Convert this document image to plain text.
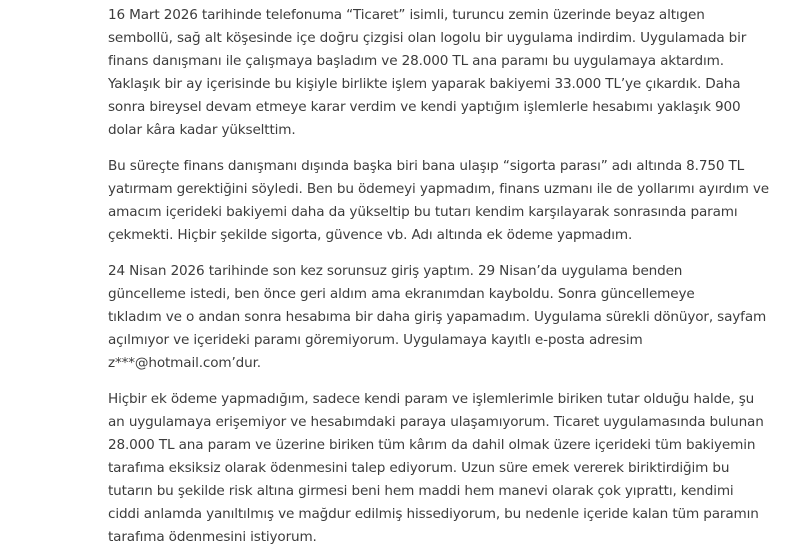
16 Mart 2026 tarihinde telefonuma “Ticaret” isimli, turuncu zemin üzerinde beyaz altıgen
sembollü, sağ alt köşesinde içe doğru çizgisi olan logolu bir uygulama indirdim. Uygulamada bir
finans danışmanı ile çalışmaya başladım ve 28.000 TL ana paramı bu uygulamaya aktardım.
Yaklaşık bir ay içerisinde bu kişiyle birlikte işlem yaparak bakiyemi 33.000 TL’ye çıkardık. Daha
sonra bireysel devam etmeye karar verdim ve kendi yaptığım işlemlerle hesabımı yaklaşık 900
dolar kâra kadar yükselttim.

Bu süreçte finans danışmanı dışında başka biri bana ulaşıp “sigorta parası” adı altında 8.750 TL
yatırmam gerektiğini söyledi. Ben bu ödemeyi yapmadım, finans uzmanı ile de yollarımı ayırdım ve
amacım içerideki bakiyemi daha da yükseltip bu tutarı kendim karşılayarak sonrasında paramı
çekmekti. Hiçbir şekilde sigorta, güvence vb. Adı altında ek ödeme yapmadım.

24 Nisan 2026 tarihinde son kez sorunsuz giriş yaptım. 29 Nisan’da uygulama benden
güncelleme istedi, ben önce geri aldım ama ekranımdan kayboldu. Sonra güncellemeye
tıkladım ve o andan sonra hesabıma bir daha giriş yapamadım. Uygulama sürekli dönüyor, sayfam
açılmıyor ve içerideki paramı göremiyorum. Uygulamaya kayıtlı e-posta adresim
z***@hotmail.com’dur.

Hiçbir ek ödeme yapmadığım, sadece kendi param ve işlemlerimle biriken tutar olduğu halde, şu
an uygulamaya erişemiyor ve hesabımdaki paraya ulaşamıyorum. Ticaret uygulamasında bulunan
28.000 TL ana param ve üzerine biriken tüm kârım da dahil olmak üzere içerideki tüm bakiyemin
tarafıma eksiksiz olarak ödenmesini talep ediyorum. Uzun süre emek vererek biriktirdiğim bu
tutarın bu şekilde risk altına girmesi beni hem maddi hem manevi olarak çok yıprattı, kendimi
ciddi anlamda yanıltılmış ve mağdur edilmiş hissediyorum, bu nedenle içeride kalan tüm paramın
tarafıma ödenmesini istiyorum.
